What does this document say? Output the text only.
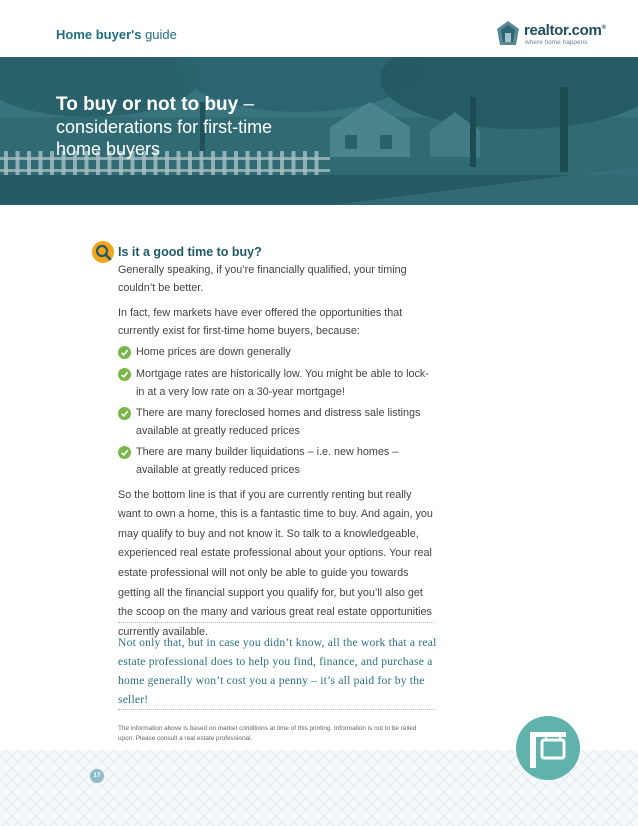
Home buyer's guide	realtor.com®
where home happens
To buy or not to buy –
considerations for first-time
home buyers
Is it a good time to buy?

Generally speaking, if you’re financially qualified, your timing couldn’t be better.

In fact, few markets have ever offered the opportunities that currently exist for first-time home buyers, because:

Home prices are down generally
Mortgage rates are historically low. You might be able to lock-in at a very low rate on a 30-year mortgage!
There are many foreclosed homes and distress sale listings available at greatly reduced prices
There are many builder liquidations – i.e. new homes – available at greatly reduced prices

So the bottom line is that if you are currently renting but really want to own a home, this is a fantastic time to buy. And again, you may qualify to buy and not know it. So talk to a knowledgeable, experienced real estate professional about your options. Your real estate professional will not only be able to guide you towards getting all the financial support you qualify for, but you’ll also get the scoop on the many and various great real estate opportunities currently available.

Not only that, but in case you didn’t know, all the work that a real estate professional does to help you find, finance, and purchase a home generally won’t cost you a penny – it’s all paid for by the seller!
The information above is based on market conditions at time of this printing. Information is not to be relied upon. Please consult a real estate professional.
17
